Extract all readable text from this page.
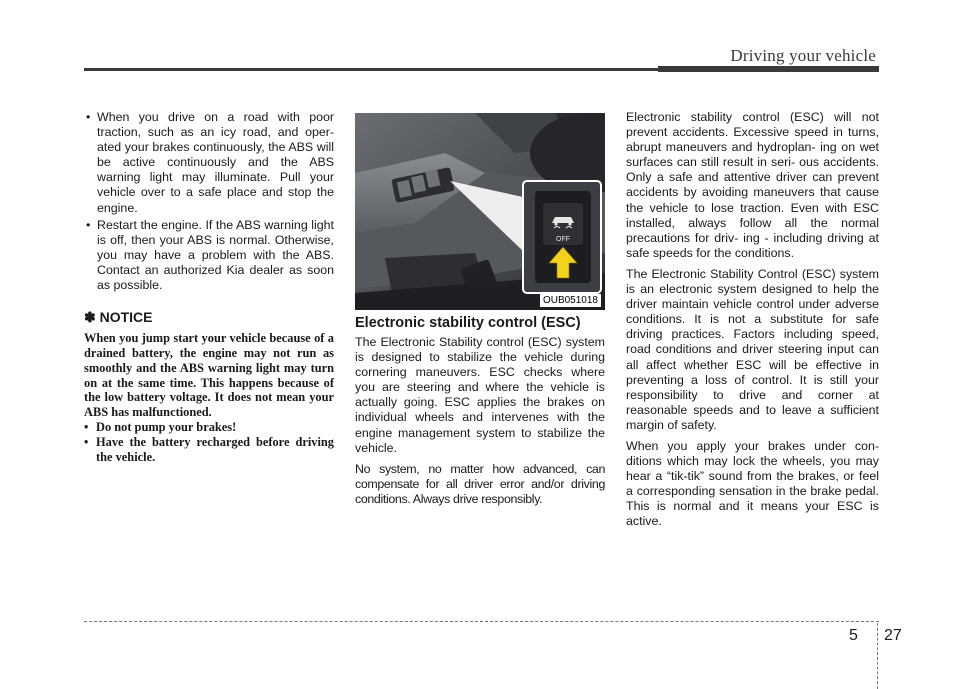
Driving your vehicle

• When you drive on a road with poor traction, such as an icy road, and oper- ated your brakes continuously, the ABS will be active continuously and the ABS warning light may illuminate. Pull your vehicle over to a safe place and stop the engine.

• Restart the engine. If the ABS warning light is off, then your ABS is normal. Otherwise, you may have a problem with the ABS. Contact an authorized Kia dealer as soon as possible.

✽ NOTICE
When you jump start your vehicle because of a drained battery, the engine may not run as smoothly and the ABS warning light may turn on at the same time. This happens because of the low battery voltage. It does not mean your ABS has malfunctioned.
• Do not pump your brakes!
• Have the battery recharged before driving the vehicle.
OFF
OUB051018
Electronic stability control (ESC)

The Electronic Stability control (ESC) system is designed to stabilize the vehicle during cornering maneuvers. ESC checks where you are steering and where the vehicle is actually going. ESC applies the brakes on individual wheels and intervenes with the engine management system to stabilize the vehicle.

No system, no matter how advanced, can compensate for all driver error and/or driving conditions. Always drive responsibly.

Electronic stability control (ESC) will not prevent accidents. Excessive speed in turns, abrupt maneuvers and hydroplan- ing on wet surfaces can still result in seri- ous accidents. Only a safe and attentive driver can prevent accidents by avoiding maneuvers that cause the vehicle to lose traction. Even with ESC installed, always follow all the normal precautions for driv- ing - including driving at safe speeds for the conditions.

The Electronic Stability Control (ESC) system is an electronic system designed to help the driver maintain vehicle control under adverse conditions. It is not a substitute for safe driving practices. Factors including speed, road conditions and driver steering input can all affect whether ESC will be effective in preventing a loss of control. It is still your responsibility to drive and corner at reasonable speeds and to leave a sufficient margin of safety.

When you apply your brakes under con- ditions which may lock the wheels, you may hear a “tik-tik” sound from the brakes, or feel a corresponding sensation in the brake pedal. This is normal and it means your ESC is active.

5 27
